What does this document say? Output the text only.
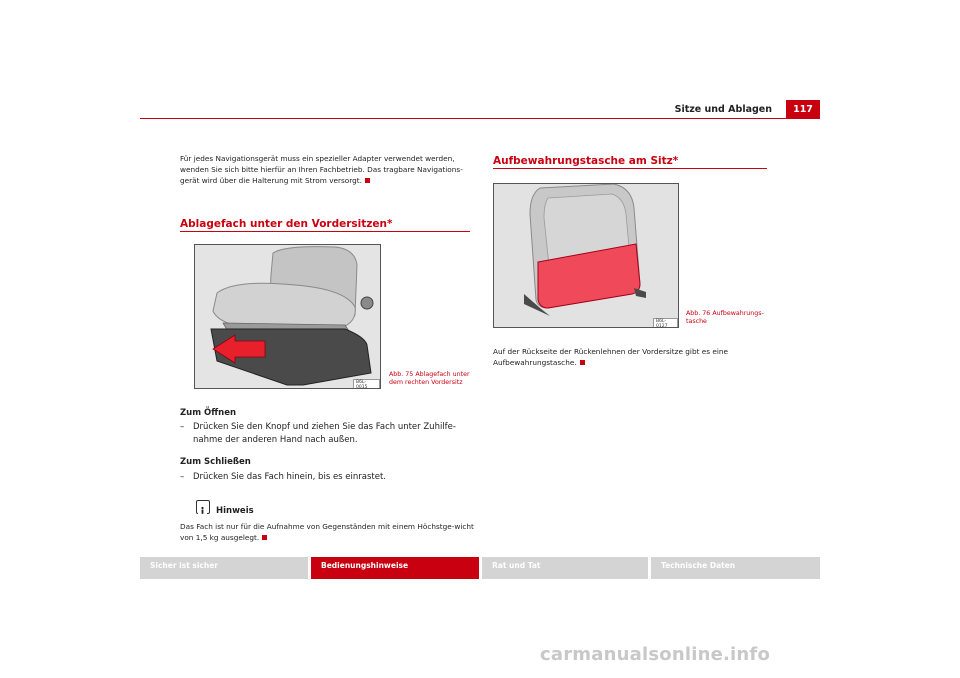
Sitze und Ablagen	117
Für jedes Navigationsgerät muss ein spezieller Adapter verwendet werden, wenden Sie sich bitte hierfür an Ihren Fachbetrieb. Das tragbare Navigations-gerät wird über die Halterung mit Strom versorgt.
Ablagefach unter den Vordersitzen*
B6L-0015
Abb. 75 Ablagefach unter dem rechten Vordersitz
Zum Öffnen
– Drücken Sie den Knopf und ziehen Sie das Fach unter Zuhilfe-nahme der anderen Hand nach außen.
Zum Schließen
– Drücken Sie das Fach hinein, bis es einrastet.
Hinweis
Das Fach ist nur für die Aufnahme von Gegenständen mit einem Höchstge-wicht von 1,5 kg ausgelegt.
Aufbewahrungstasche am Sitz*
B6L-0127
Abb. 76 Aufbewahrungs-tasche
Auf der Rückseite der Rückenlehnen der Vordersitze gibt es eine Aufbewahrungstasche.
Sicher ist sicher	Bedienungshinweise	Rat und Tat	Technische Daten
carmanualsonline.info
